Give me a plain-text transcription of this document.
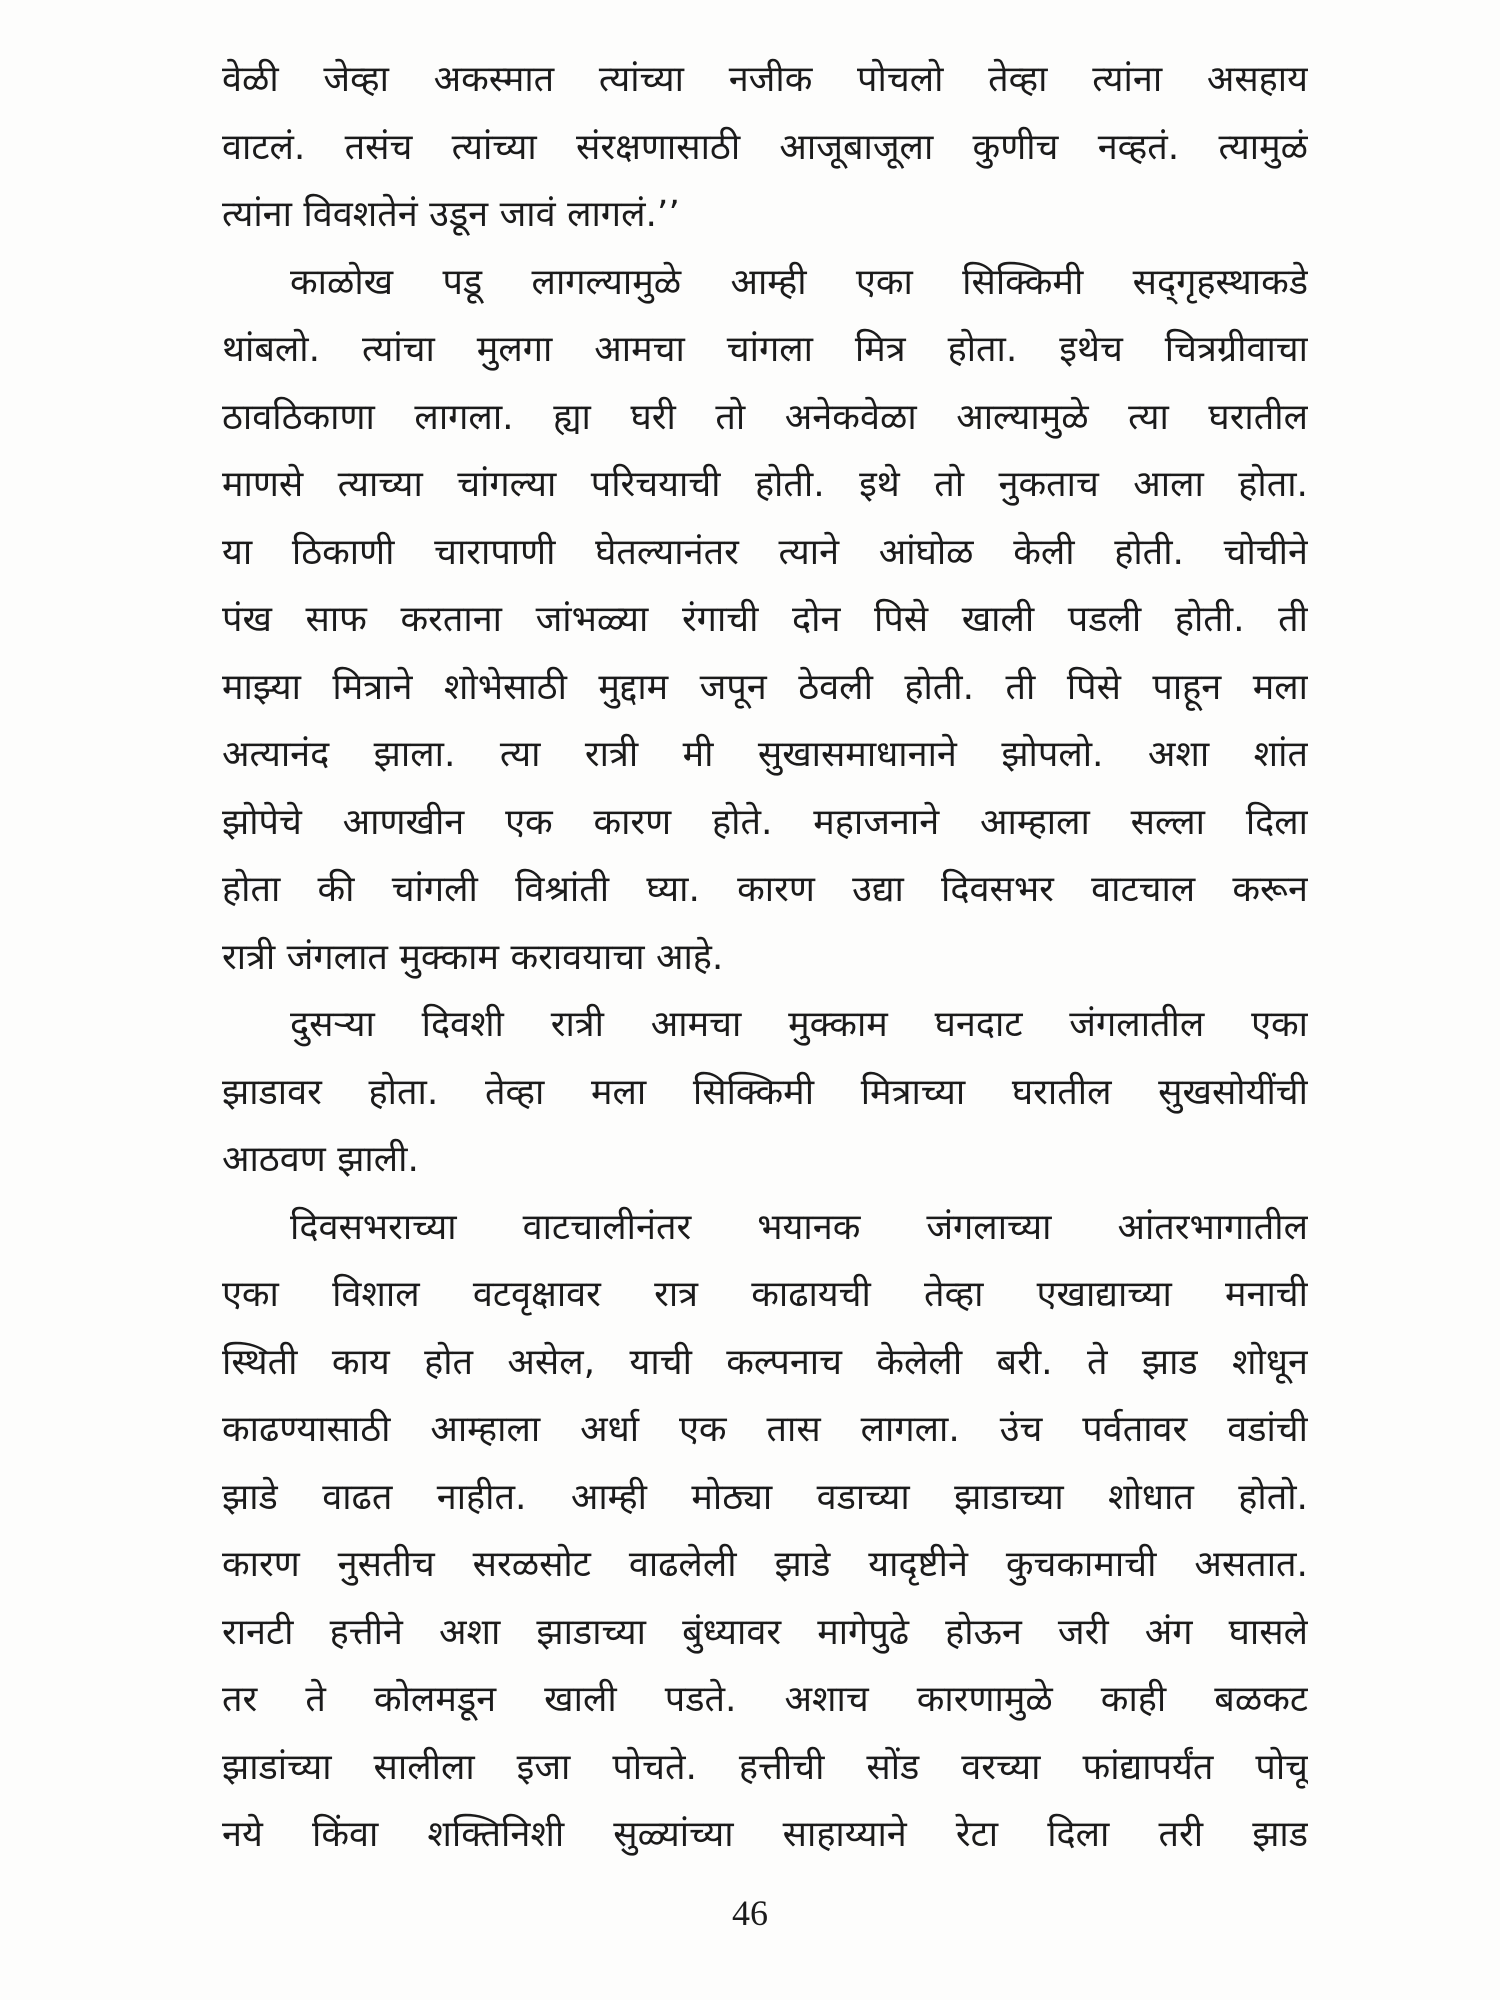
वेळी जेव्हा अकस्मात त्यांच्या नजीक पोचलो तेव्हा त्यांना असहाय
वाटलं. तसंच त्यांच्या संरक्षणासाठी आजूबाजूला कुणीच नव्हतं. त्यामुळं
त्यांना विवशतेनं उडून जावं लागलं.’’
काळोख पडू लागल्यामुळे आम्ही एका सिक्किमी सद्‌गृहस्थाकडे
थांबलो. त्यांचा मुलगा आमचा चांगला मित्र होता. इथेच चित्रग्रीवाचा
ठावठिकाणा लागला. ह्या घरी तो अनेकवेळा आल्यामुळे त्या घरातील
माणसे त्याच्या चांगल्या परिचयाची होती. इथे तो नुकताच आला होता.
या ठिकाणी चारापाणी घेतल्यानंतर त्याने आंघोळ केली होती. चोचीने
पंख साफ करताना जांभळ्या रंगाची दोन पिसे खाली पडली होती. ती
माझ्या मित्राने शोभेसाठी मुद्दाम जपून ठेवली होती. ती पिसे पाहून मला
अत्यानंद झाला. त्या रात्री मी सुखासमाधानाने झोपलो. अशा शांत
झोपेचे आणखीन एक कारण होते. महाजनाने आम्हाला सल्ला दिला
होता की चांगली विश्रांती घ्या. कारण उद्या दिवसभर वाटचाल करून
रात्री जंगलात मुक्काम करावयाचा आहे.
दुसऱ्या दिवशी रात्री आमचा मुक्काम घनदाट जंगलातील एका
झाडावर होता. तेव्हा मला सिक्किमी मित्राच्या घरातील सुखसोयींची
आठवण झाली.
दिवसभराच्या वाटचालीनंतर भयानक जंगलाच्या आंतरभागातील
एका विशाल वटवृक्षावर रात्र काढायची तेव्हा एखाद्याच्या मनाची
स्थिती काय होत असेल, याची कल्पनाच केलेली बरी. ते झाड शोधून
काढण्यासाठी आम्हाला अर्धा एक तास लागला. उंच पर्वतावर वडांची
झाडे वाढत नाहीत. आम्ही मोठ्या वडाच्या झाडाच्या शोधात होतो.
कारण नुसतीच सरळसोट वाढलेली झाडे यादृष्टीने कुचकामाची असतात.
रानटी हत्तीने अशा झाडाच्या बुंध्यावर मागेपुढे होऊन जरी अंग घासले
तर ते कोलमडून खाली पडते. अशाच कारणामुळे काही बळकट
झाडांच्या सालीला इजा पोचते. हत्तीची सोंड वरच्या फांद्यापर्यंत पोचू
नये किंवा शक्तिनिशी सुळ्यांच्या साहाय्याने रेटा दिला तरी झाड
46
